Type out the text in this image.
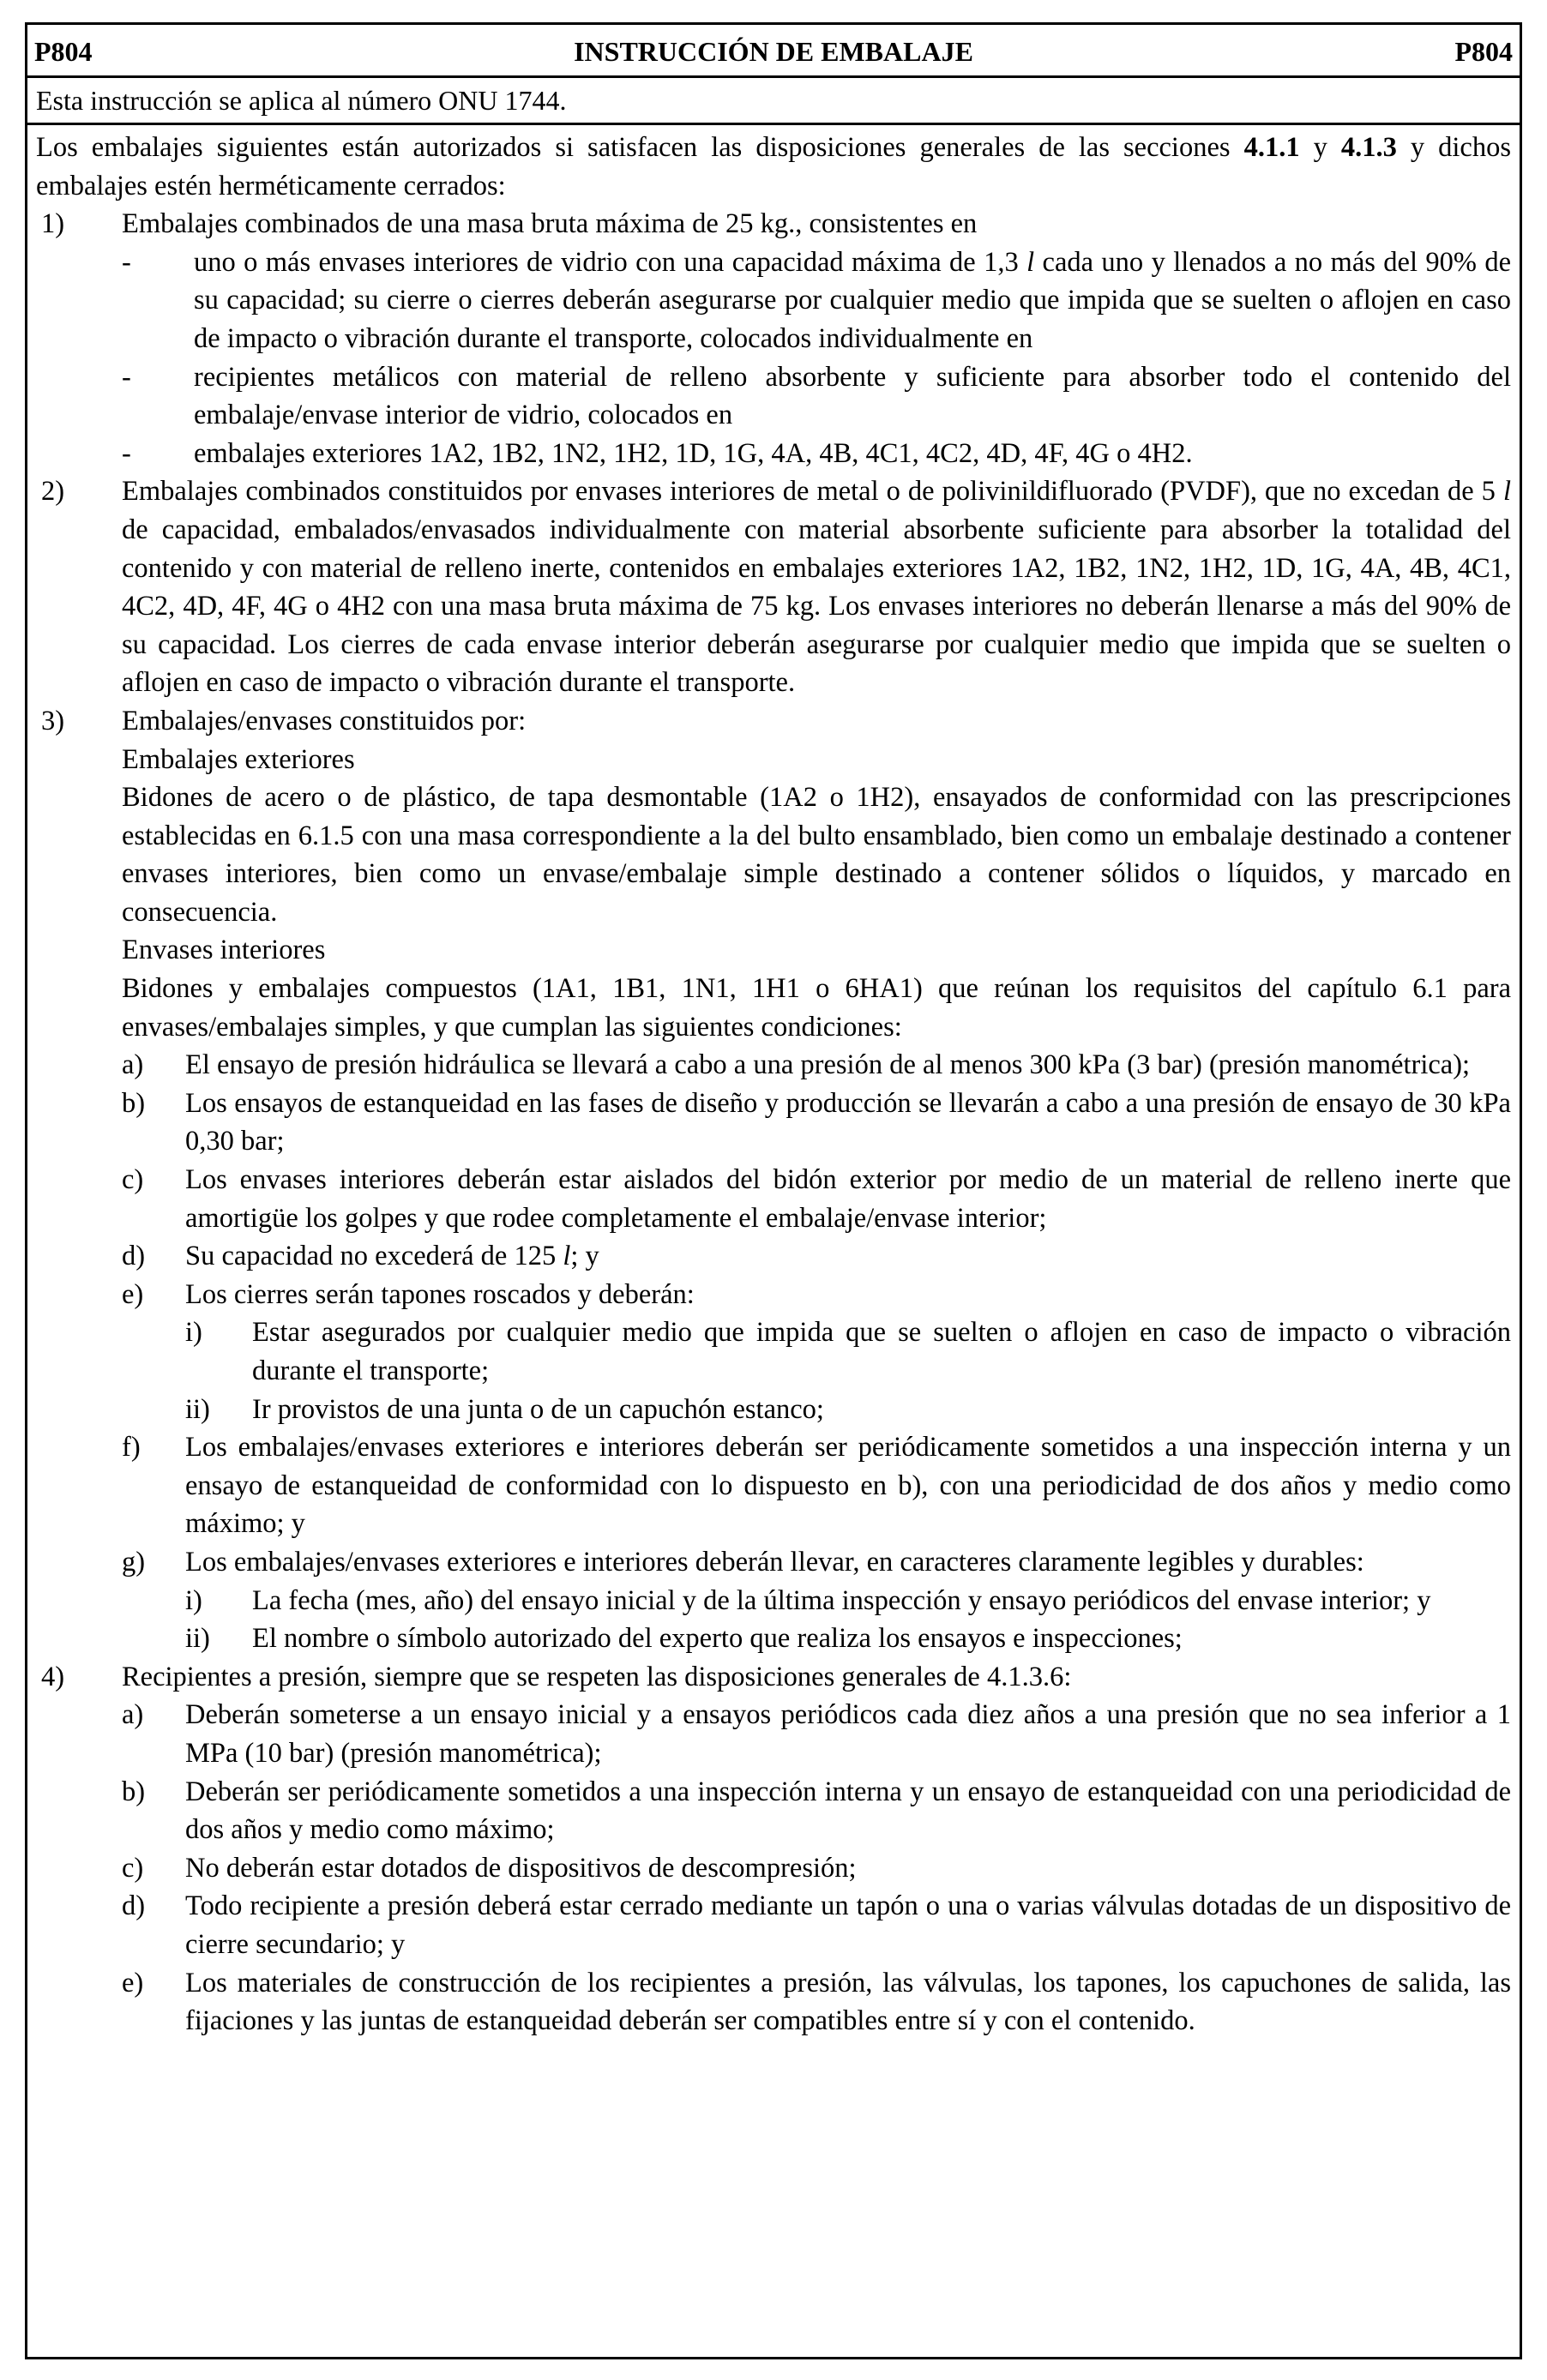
P804	INSTRUCCIÓN DE EMBALAJE	P804
Esta instrucción se aplica al número ONU 1744.

Los embalajes siguientes están autorizados si satisfacen las disposiciones generales de las secciones 4.1.1 y 4.1.3 y dichos embalajes estén herméticamente cerrados:

1)	Embalajes combinados de una masa bruta máxima de 25 kg., consistentes en
-	uno o más envases interiores de vidrio con una capacidad máxima de 1,3 l cada uno y llenados a no más del 90% de su capacidad; su cierre o cierres deberán asegurarse por cualquier medio que impida que se suelten o aflojen en caso de impacto o vibración durante el transporte, colocados individualmente en
-	recipientes metálicos con material de relleno absorbente y suficiente para absorber todo el contenido del embalaje/envase interior de vidrio, colocados en
-	embalajes exteriores 1A2, 1B2, 1N2, 1H2, 1D, 1G, 4A, 4B, 4C1, 4C2, 4D, 4F, 4G o 4H2.
2)	Embalajes combinados constituidos por envases interiores de metal o de polivinildifluorado (PVDF), que no excedan de 5 l de capacidad, embalados/envasados individualmente con material absorbente suficiente para absorber la totalidad del contenido y con material de relleno inerte, contenidos en embalajes exteriores 1A2, 1B2, 1N2, 1H2, 1D, 1G, 4A, 4B, 4C1, 4C2, 4D, 4F, 4G o 4H2 con una masa bruta máxima de 75 kg. Los envases interiores no deberán llenarse a más del 90% de su capacidad. Los cierres de cada envase interior deberán asegurarse por cualquier medio que impida que se suelten o aflojen en caso de impacto o vibración durante el transporte.
3)	Embalajes/envases constituidos por:

Embalajes exteriores

Bidones de acero o de plástico, de tapa desmontable (1A2 o 1H2), ensayados de conformidad con las prescripciones establecidas en 6.1.5 con una masa correspondiente a la del bulto ensamblado, bien como un embalaje destinado a contener envases interiores, bien como un envase/embalaje simple destinado a contener sólidos o líquidos, y marcado en consecuencia.

Envases interiores

Bidones y embalajes compuestos (1A1, 1B1, 1N1, 1H1 o 6HA1) que reúnan los requisitos del capítulo 6.1 para envases/embalajes simples, y que cumplan las siguientes condiciones:

a)	El ensayo de presión hidráulica se llevará a cabo a una presión de al menos 300 kPa (3 bar) (presión manométrica);
b)	Los ensayos de estanqueidad en las fases de diseño y producción se llevarán a cabo a una presión de ensayo de 30 kPa 0,30 bar;
c)	Los envases interiores deberán estar aislados del bidón exterior por medio de un material de relleno inerte que amortigüe los golpes y que rodee completamente el embalaje/envase interior;
d)	Su capacidad no excederá de 125 l; y
e)	Los cierres serán tapones roscados y deberán:
i)	Estar asegurados por cualquier medio que impida que se suelten o aflojen en caso de impacto o vibración durante el transporte;
ii)	Ir provistos de una junta o de un capuchón estanco;
f)	Los embalajes/envases exteriores e interiores deberán ser periódicamente sometidos a una inspección interna y un ensayo de estanqueidad de conformidad con lo dispuesto en b), con una periodicidad de dos años y medio como máximo; y
g)	Los embalajes/envases exteriores e interiores deberán llevar, en caracteres claramente legibles y durables:
i)	La fecha (mes, año) del ensayo inicial y de la última inspección y ensayo periódicos del envase interior; y
ii)	El nombre o símbolo autorizado del experto que realiza los ensayos e inspecciones;
4)	Recipientes a presión, siempre que se respeten las disposiciones generales de 4.1.3.6:
a)	Deberán someterse a un ensayo inicial y a ensayos periódicos cada diez años a una presión que no sea inferior a 1 MPa (10 bar) (presión manométrica);
b)	Deberán ser periódicamente sometidos a una inspección interna y un ensayo de estanqueidad con una periodicidad de dos años y medio como máximo;
c)	No deberán estar dotados de dispositivos de descompresión;
d)	Todo recipiente a presión deberá estar cerrado mediante un tapón o una o varias válvulas dotadas de un dispositivo de cierre secundario; y
e)	Los materiales de construcción de los recipientes a presión, las válvulas, los tapones, los capuchones de salida, las fijaciones y las juntas de estanqueidad deberán ser compatibles entre sí y con el contenido.
